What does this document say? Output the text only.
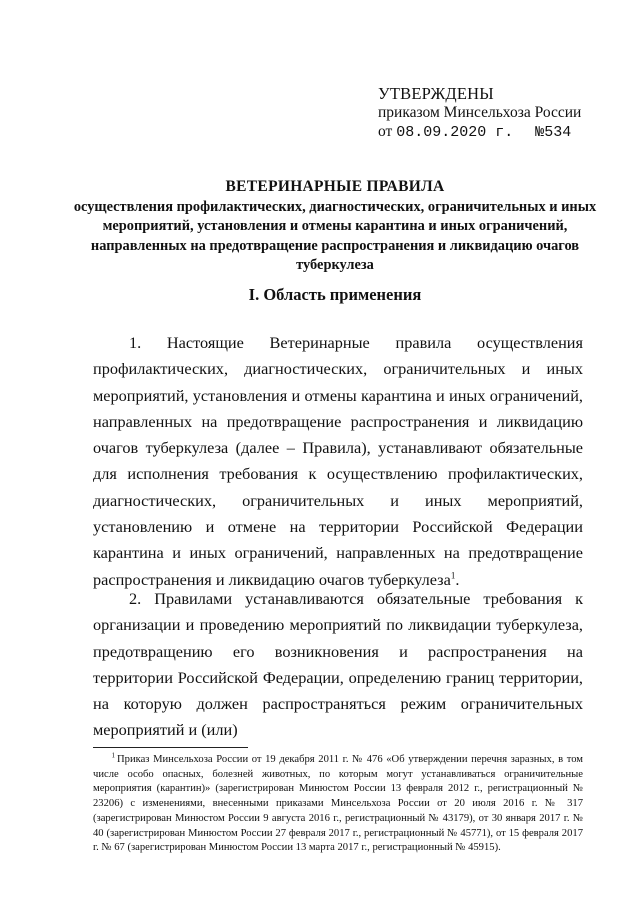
УТВЕРЖДЕНЫ
приказом Минсельхоза России
от 08.09.2020 г. №534
ВЕТЕРИНАРНЫЕ ПРАВИЛА
осуществления профилактических, диагностических, ограничительных и иных мероприятий, установления и отмены карантина и иных ограничений, направленных на предотвращение распространения и ликвидацию очагов туберкулеза
I. Область применения
1. Настоящие Ветеринарные правила осуществления профилактических, диагностических, ограничительных и иных мероприятий, установления и отмены карантина и иных ограничений, направленных на предотвращение распространения и ликвидацию очагов туберкулеза (далее – Правила), устанавливают обязательные для исполнения требования к осуществлению профилактических, диагностических, ограничительных и иных мероприятий, установлению и отмене на территории Российской Федерации карантина и иных ограничений, направленных на предотвращение распространения и ликвидацию очагов туберкулеза$^1$.
2. Правилами устанавливаются обязательные требования к организации и проведению мероприятий по ликвидации туберкулеза, предотвращению его возникновения и распространения на территории Российской Федерации, определению границ территории, на которую должен распространяться режим ограничительных мероприятий и (или)
$^1$ Приказ Минсельхоза России от 19 декабря 2011 г. № 476 «Об утверждении перечня заразных, в том числе особо опасных, болезней животных, по которым могут устанавливаться ограничительные мероприятия (карантин)» (зарегистрирован Минюстом России 13 февраля 2012 г., регистрационный № 23206) с изменениями, внесенными приказами Минсельхоза России от 20 июля 2016 г. № 317 (зарегистрирован Минюстом России 9 августа 2016 г., регистрационный № 43179), от 30 января 2017 г. № 40 (зарегистрирован Минюстом России 27 февраля 2017 г., регистрационный № 45771), от 15 февраля 2017 г. № 67 (зарегистрирован Минюстом России 13 марта 2017 г., регистрационный № 45915).
